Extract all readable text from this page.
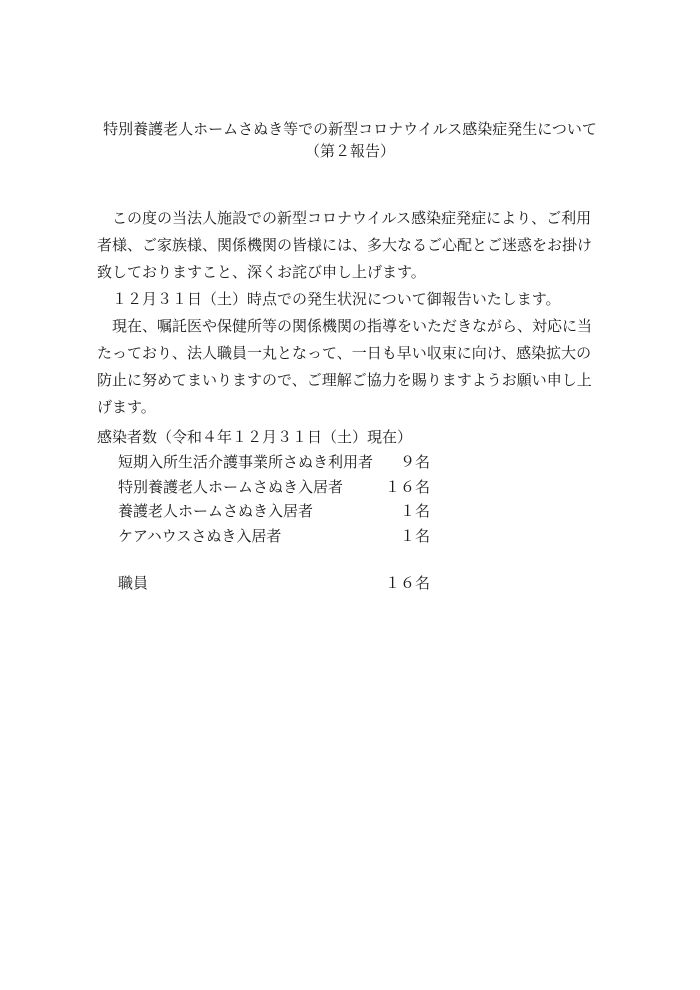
特別養護老人ホームさぬき等での新型コロナウイルス感染症発生について
（第２報告）

この度の当法人施設での新型コロナウイルス感染症発症により、ご利用者様、ご家族様、関係機関の皆様には、多大なるご心配とご迷惑をお掛け致しておりますこと、深くお詫び申し上げます。

１２月３１日（土）時点での発生状況について御報告いたします。

現在、嘱託医や保健所等の関係機関の指導をいただきながら、対応に当たっており、法人職員一丸となって、一日も早い収束に向け、感染拡大の防止に努めてまいりますので、ご理解ご協力を賜りますようお願い申し上げます。

感染者数（令和４年１２月３１日（土）現在）
短期入所生活介護事業所さぬき利用者 ９名
特別養護老人ホームさぬき入居者	１６名
養護老人ホームさぬき入居者	１名
ケアハウスさぬき入居者	１名
職員	１６名
